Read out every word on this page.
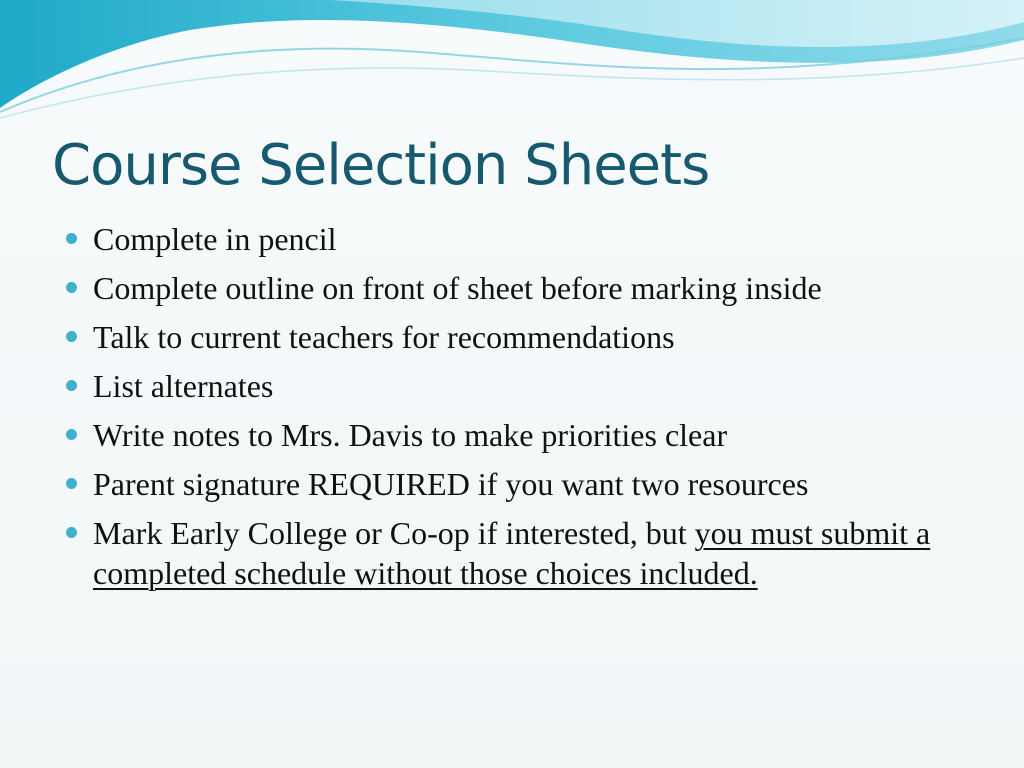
Course Selection Sheets
Complete in pencil
Complete outline on front of sheet before marking inside
Talk to current teachers for recommendations
List alternates
Write notes to Mrs. Davis to make priorities clear
Parent signature REQUIRED if you want two resources
Mark Early College or Co-op if interested, but you must submit a completed schedule without those choices included.
